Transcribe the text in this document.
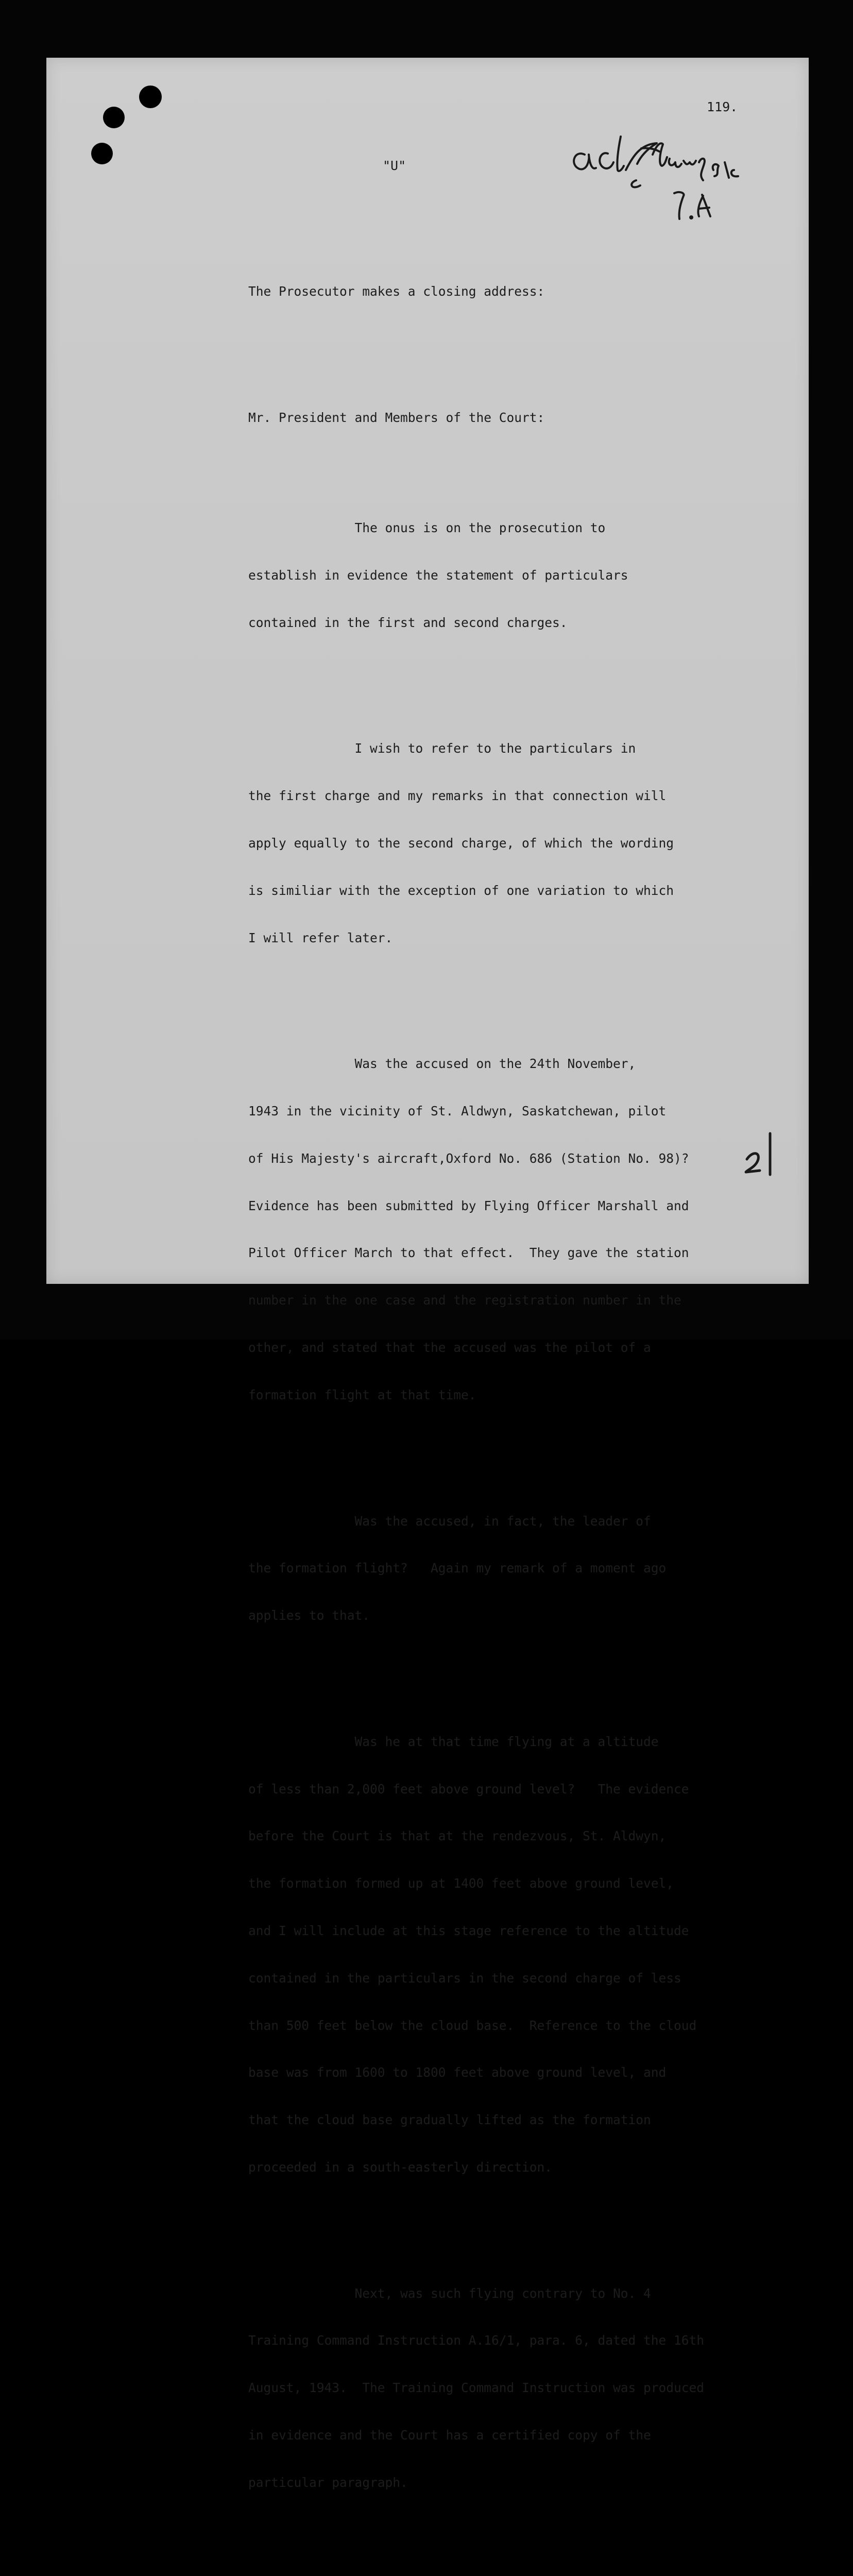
119.
"U"

The Prosecutor makes a closing address:

Mr. President and Members of the Court:

The onus is on the prosecution to

establish in evidence the statement of particulars

contained in the first and second charges.

I wish to refer to the particulars in

the first charge and my remarks in that connection will

apply equally to the second charge, of which the wording

is similiar with the exception of one variation to which

I will refer later.

Was the accused on the 24th November,

1943 in the vicinity of St. Aldwyn, Saskatchewan, pilot

of His Majesty's aircraft,Oxford No. 686 (Station No. 98)?

Evidence has been submitted by Flying Officer Marshall and

Pilot Officer March to that effect.  They gave the station

number in the one case and the registration number in the

other, and stated that the accused was the pilot of a

formation flight at that time.

Was the accused, in fact, the leader of

the formation flight?   Again my remark of a moment ago

applies to that.

Was he at that time flying at a altitude

of less than 2,000 feet above ground level?   The evidence

before the Court is that at the rendezvous, St. Aldwyn,

the formation formed up at 1400 feet above ground level,

and I will include at this stage reference to the altitude

contained in the particulars in the second charge of less

than 500 feet below the cloud base.  Reference to the cloud

base was from 1600 to 1800 feet above ground level, and

that the cloud base gradually lifted as the formation

proceeded in a south-easterly direction.

Next, was such flying contrary to No. 4

Training Command Instruction A.16/1, para. 6, dated the 16th

August, 1943.  The Training Command Instruction was produced

in evidence and the Court has a certified copy of the

particular paragraph.
